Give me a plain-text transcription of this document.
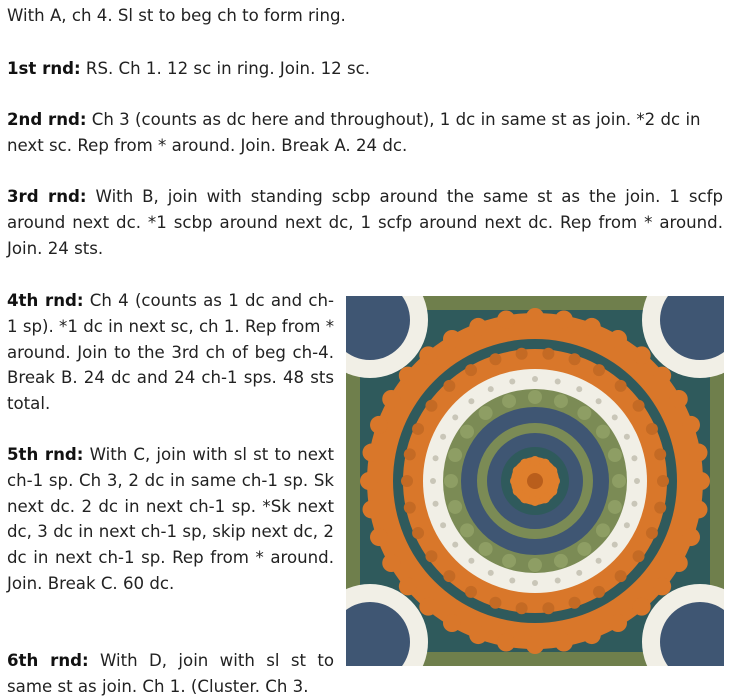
With A, ch 4. Sl st to beg ch to form ring.

1st rnd: RS. Ch 1. 12 sc in ring. Join. 12 sc.

2nd rnd: Ch 3 (counts as dc here and throughout), 1 dc in same st as join. *2 dc in next sc. Rep from * around. Join. Break A. 24 dc.

3rd rnd: With B, join with standing scbp around the same st as the join. 1 scfp around next dc. *1 scbp around next dc, 1 scfp around next dc. Rep from * around. Join. 24 sts.

4th rnd: Ch 4 (counts as 1 dc and ch-1 sp). *1 dc in next sc, ch 1. Rep from * around. Join to the 3rd ch of beg ch-4. Break B. 24 dc and 24 ch-1 sps. 48 sts total.

5th rnd: With C, join with sl st to next ch-1 sp. Ch 3, 2 dc in same ch-1 sp. Sk next dc. 2 dc in next ch-1 sp. *Sk next dc, 3 dc in next ch-1 sp, skip next dc, 2 dc in next ch-1 sp. Rep from * around. Join. Break C. 60 dc.

6th rnd: With D, join with sl st to same st as join. Ch 1. (Cluster. Ch 3.
